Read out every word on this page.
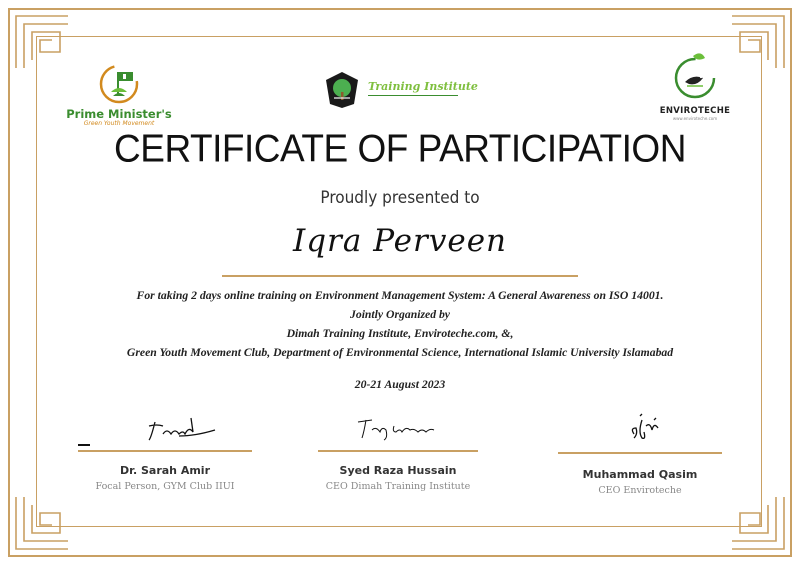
Prime Minister's
Green Youth Movement
Training Institute
ENVIROTECHE
www.enviroteche.com
CERTIFICATE OF PARTICIPATION
Proudly presented to
Iqra Perveen
For taking 2 days online training on Environment Management System: A General Awareness on ISO 14001.
Jointly Organized by
Dimah Training Institute, Enviroteche.com, &,
Green Youth Movement Club, Department of Environmental Science, International Islamic University Islamabad
20-21 August 2023
Dr. Sarah Amir
Focal Person, GYM Club IIUI
Syed Raza Hussain
CEO Dimah Training Institute
Muhammad Qasim
CEO Enviroteche
